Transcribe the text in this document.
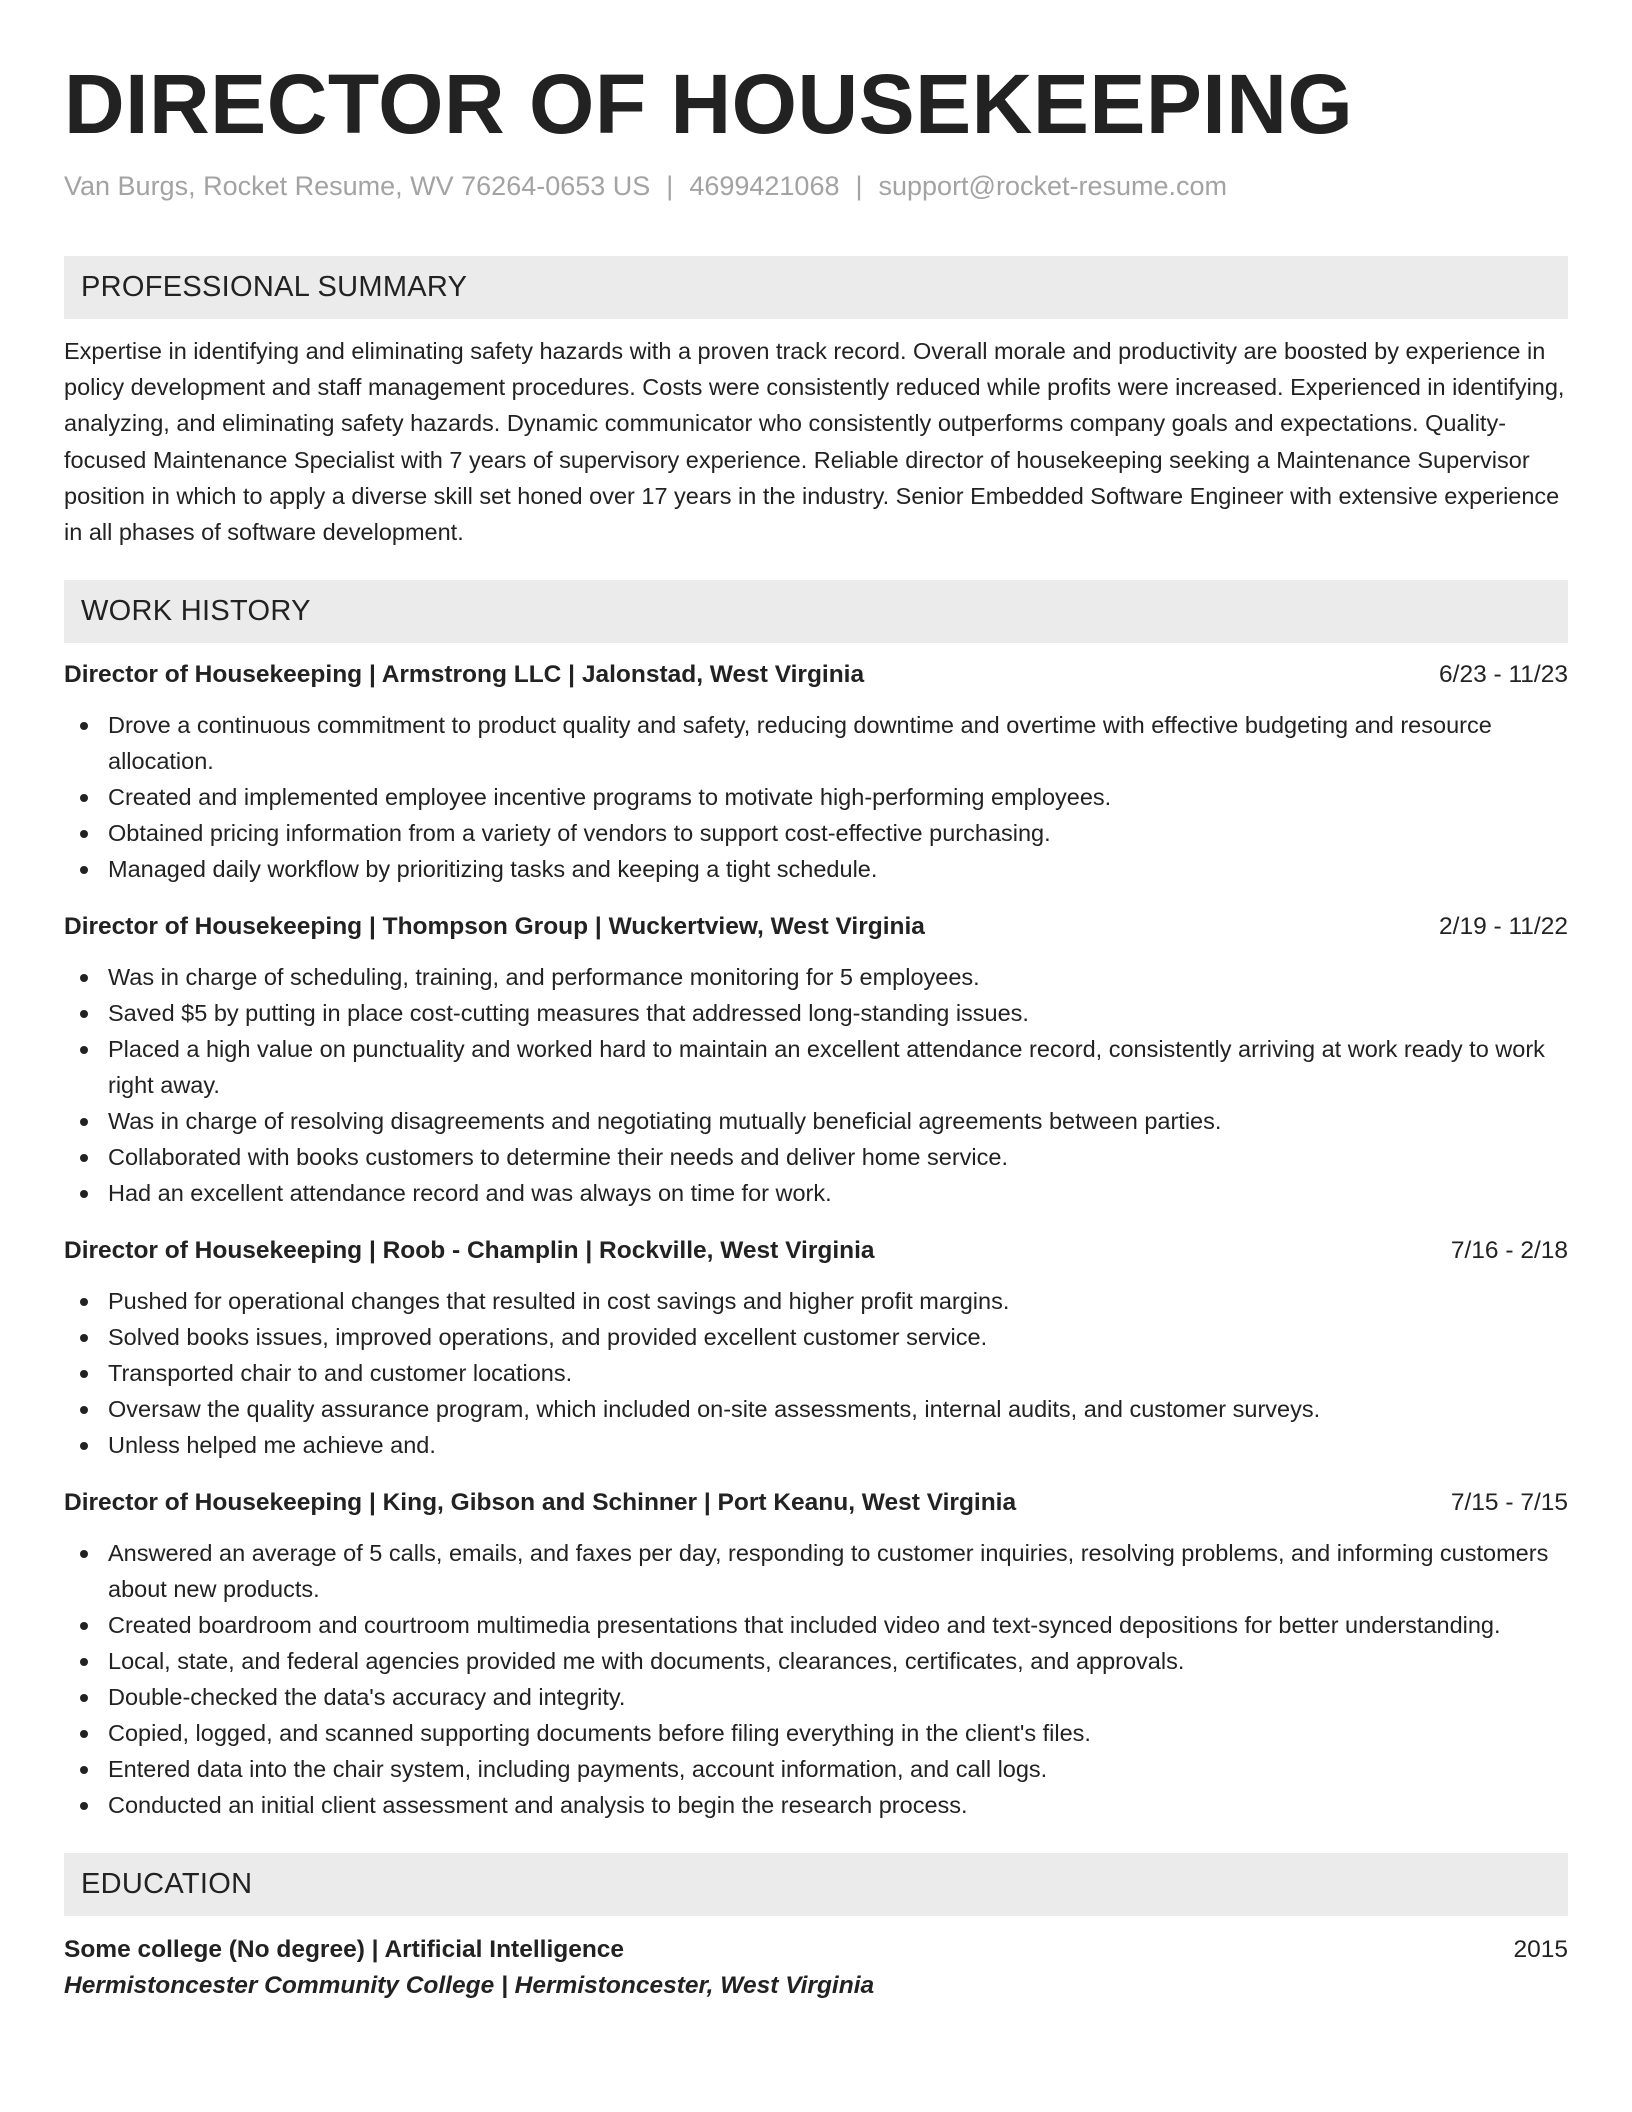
DIRECTOR OF HOUSEKEEPING
Van Burgs, Rocket Resume, WV 76264-0653 US | 4699421068 | support@rocket-resume.com
PROFESSIONAL SUMMARY
Expertise in identifying and eliminating safety hazards with a proven track record. Overall morale and productivity are boosted by experience in policy development and staff management procedures. Costs were consistently reduced while profits were increased. Experienced in identifying, analyzing, and eliminating safety hazards. Dynamic communicator who consistently outperforms company goals and expectations. Quality-focused Maintenance Specialist with 7 years of supervisory experience. Reliable director of housekeeping seeking a Maintenance Supervisor position in which to apply a diverse skill set honed over 17 years in the industry. Senior Embedded Software Engineer with extensive experience in all phases of software development.
WORK HISTORY
Director of Housekeeping | Armstrong LLC | Jalonstad, West Virginia	6/23 - 11/23
Drove a continuous commitment to product quality and safety, reducing downtime and overtime with effective budgeting and resource allocation.
Created and implemented employee incentive programs to motivate high-performing employees.
Obtained pricing information from a variety of vendors to support cost-effective purchasing.
Managed daily workflow by prioritizing tasks and keeping a tight schedule.
Director of Housekeeping | Thompson Group | Wuckertview, West Virginia	2/19 - 11/22
Was in charge of scheduling, training, and performance monitoring for 5 employees.
Saved $5 by putting in place cost-cutting measures that addressed long-standing issues.
Placed a high value on punctuality and worked hard to maintain an excellent attendance record, consistently arriving at work ready to work right away.
Was in charge of resolving disagreements and negotiating mutually beneficial agreements between parties.
Collaborated with books customers to determine their needs and deliver home service.
Had an excellent attendance record and was always on time for work.
Director of Housekeeping | Roob - Champlin | Rockville, West Virginia	7/16 - 2/18
Pushed for operational changes that resulted in cost savings and higher profit margins.
Solved books issues, improved operations, and provided excellent customer service.
Transported chair to and customer locations.
Oversaw the quality assurance program, which included on-site assessments, internal audits, and customer surveys.
Unless helped me achieve and.
Director of Housekeeping | King, Gibson and Schinner | Port Keanu, West Virginia	7/15 - 7/15
Answered an average of 5 calls, emails, and faxes per day, responding to customer inquiries, resolving problems, and informing customers about new products.
Created boardroom and courtroom multimedia presentations that included video and text-synced depositions for better understanding.
Local, state, and federal agencies provided me with documents, clearances, certificates, and approvals.
Double-checked the data's accuracy and integrity.
Copied, logged, and scanned supporting documents before filing everything in the client's files.
Entered data into the chair system, including payments, account information, and call logs.
Conducted an initial client assessment and analysis to begin the research process.
EDUCATION
Some college (No degree) | Artificial Intelligence	2015
Hermistoncester Community College | Hermistoncester, West Virginia
